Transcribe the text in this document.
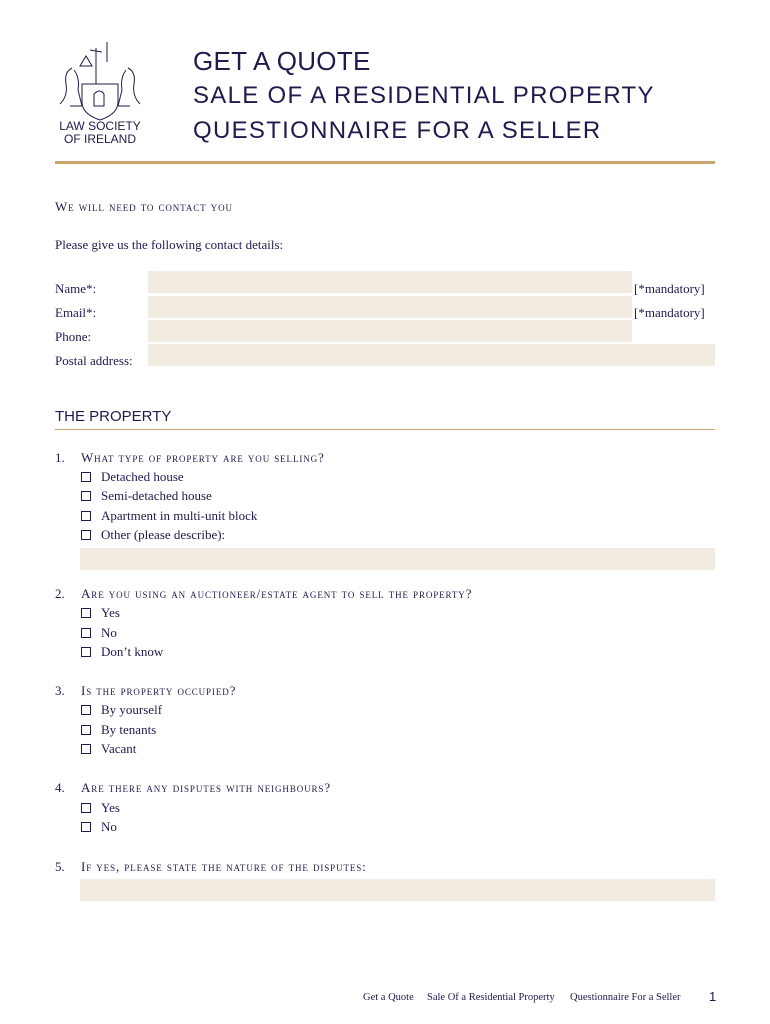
LAW SOCIETY
OF IRELAND
GET A QUOTE
SALE OF A RESIDENTIAL PROPERTY
QUESTIONNAIRE FOR A SELLER
We will need to contact you
Please give us the following contact details:
Name*:	[*mandatory]
Email*:	[*mandatory]
Phone:
Postal address:
THE PROPERTY
1. What type of property are you selling?
Detached house
Semi-detached house
Apartment in multi-unit block
Other (please describe):
2. Are you using an auctioneer/estate agent to sell the property?
Yes
No
Don’t know
3. Is the property occupied?
By yourself
By tenants
Vacant
4. Are there any disputes with neighbours?
Yes
No
5. If yes, please state the nature of the disputes:
Get a Quote Sale Of a Residential Property Questionnaire For a Seller 1
